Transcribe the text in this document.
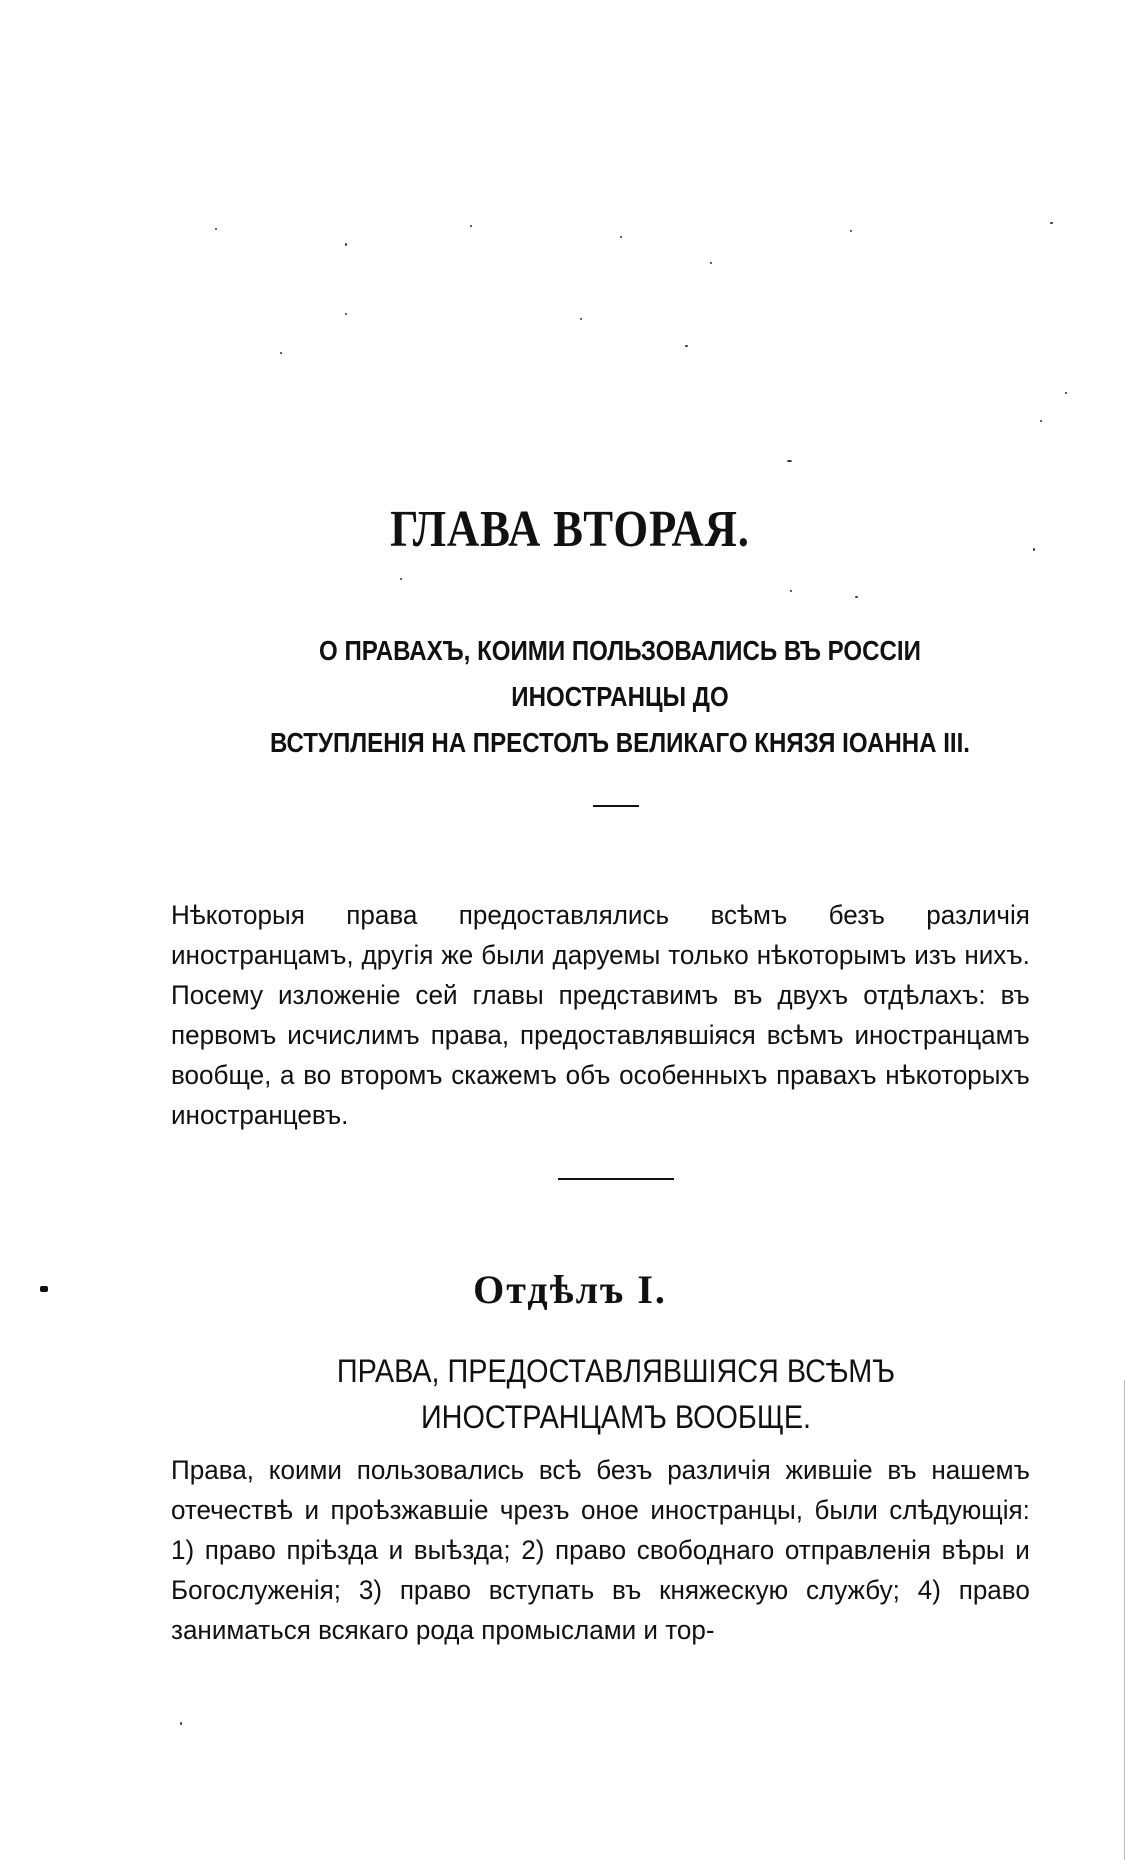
ГЛАВА ВТОРАЯ.
О ПРАВАХЪ, КОИМИ ПОЛЬЗОВАЛИСЬ ВЪ РОССІИ ИНОСТРАНЦЫ ДО
ВСТУПЛЕНІЯ НА ПРЕСТОЛЪ ВЕЛИКАГО КНЯЗЯ ІОАННА III.
Нѣкоторыя права предоставлялись всѣмъ безъ различія иностранцамъ, другія же были даруемы только нѣкоторымъ изъ нихъ. Посему изложеніе сей главы представимъ въ двухъ отдѣлахъ: въ первомъ исчислимъ права, предоставлявшіяся всѣмъ иностранцамъ вообще, а во второмъ скажемъ объ особенныхъ правахъ нѣкоторыхъ иностранцевъ.
Отдѣлъ I.
ПРАВА, ПРЕДОСТАВЛЯВШІЯСЯ ВСѢМЪ ИНОСТРАНЦАМЪ ВООБЩЕ.
Права, коими пользовались всѣ безъ различія жившіе въ нашемъ отечествѣ и проѣзжавшіе чрезъ оное иностранцы, были слѣдующія: 1) право пріѣзда и выѣзда; 2) право свободнаго отправленія вѣры и Богослуженія; 3) право вступать въ княжескую службу; 4) право заниматься всякаго рода промыслами и тор-
